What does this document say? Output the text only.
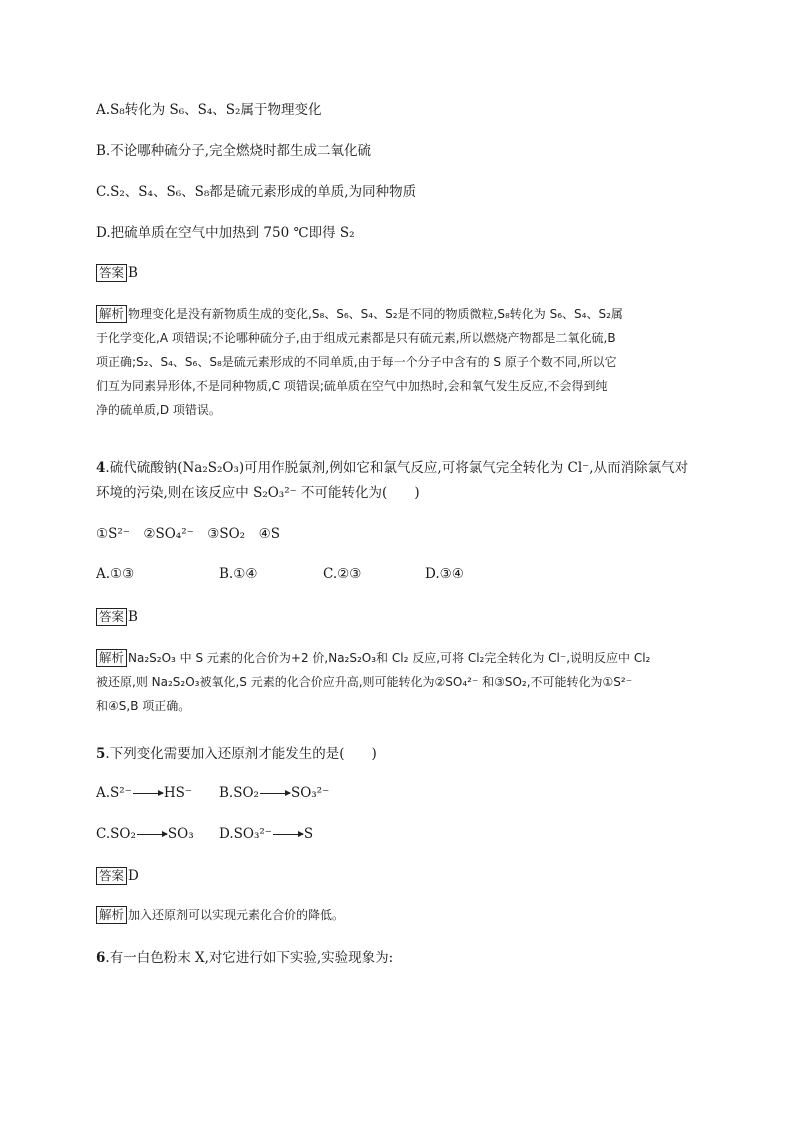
A.S₈转化为 S₆、S₄、S₂属于物理变化
B.不论哪种硫分子,完全燃烧时都生成二氧化硫
C.S₂、S₄、S₆、S₈都是硫元素形成的单质,为同种物质
D.把硫单质在空气中加热到 750 ℃即得 S₂
答案 B

解析 物理变化是没有新物质生成的变化,S₈、S₆、S₄、S₂是不同的物质微粒,S₈转化为 S₆、S₄、S₂属

于化学变化,A 项错误;不论哪种硫分子,由于组成元素都是只有硫元素,所以燃烧产物都是二氧化硫,B

项正确;S₂、S₄、S₆、S₈是硫元素形成的不同单质,由于每一个分子中含有的 S 原子个数不同,所以它

们互为同素异形体,不是同种物质,C 项错误;硫单质在空气中加热时,会和氧气发生反应,不会得到纯

净的硫单质,D 项错误。

4.硫代硫酸钠(Na₂S₂O₃)可用作脱氯剂,例如它和氯气反应,可将氯气完全转化为 Cl⁻,从而消除氯气对
环境的污染,则在该反应中 S₂O₃²⁻ 不可能转化为(　　)
①S²⁻　②SO₄²⁻　③SO₂　④S
A.①③	B.①④	C.②③	D.③④
答案 B

解析 Na₂S₂O₃ 中 S 元素的化合价为+2 价,Na₂S₂O₃和 Cl₂ 反应,可将 Cl₂完全转化为 Cl⁻,说明反应中 Cl₂

被还原,则 Na₂S₂O₃被氧化,S 元素的化合价应升高,则可能转化为②SO₄²⁻ 和③SO₂,不可能转化为①S²⁻

和④S,B 项正确。

5.下列变化需要加入还原剂才能发生的是(　　)
A.S²⁻ HS⁻ B.SO₂ SO₃²⁻
C.SO₂ SO₃ D.SO₃²⁻ S
答案 D

解析 加入还原剂可以实现元素化合价的降低。

6.有一白色粉末 X,对它进行如下实验,实验现象为:
